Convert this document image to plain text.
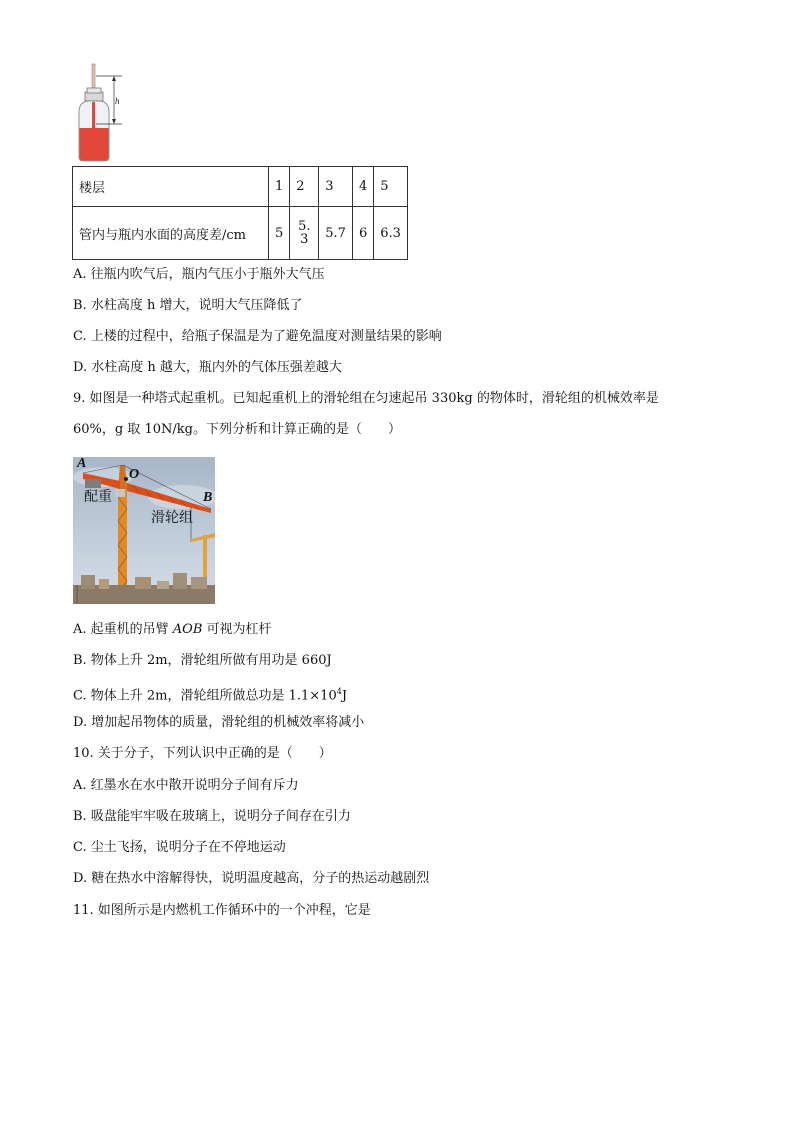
h
楼层	1	2	3	4	5
管内与瓶内水面的高度差/cm	5	5.3	5.7	6	6.3
A. 往瓶内吹气后，瓶内气压小于瓶外大气压
B. 水柱高度 h 增大，说明大气压降低了
C. 上楼的过程中，给瓶子保温是为了避免温度对测量结果的影响
D. 水柱高度 h 越大，瓶内外的气体压强差越大
9. 如图是一种塔式起重机。已知起重机上的滑轮组在匀速起吊 330kg 的物体时，滑轮组的机械效率是
60%，g 取 10N/kg。下列分析和计算正确的是（　　）
A
O
B
配重
滑轮组
A. 起重机的吊臂 AOB 可视为杠杆
B. 物体上升 2m，滑轮组所做有用功是 660J
C. 物体上升 2m，滑轮组所做总功是 $1.1\times 10^4J$
D. 增加起吊物体的质量，滑轮组的机械效率将减小
10. 关于分子，下列认识中正确的是（　　）
A. 红墨水在水中散开说明分子间有斥力
B. 吸盘能牢牢吸在玻璃上，说明分子间存在引力
C. 尘土飞扬，说明分子在不停地运动
D. 糖在热水中溶解得快，说明温度越高，分子的热运动越剧烈
11. 如图所示是内燃机工作循环中的一个冲程，它是
